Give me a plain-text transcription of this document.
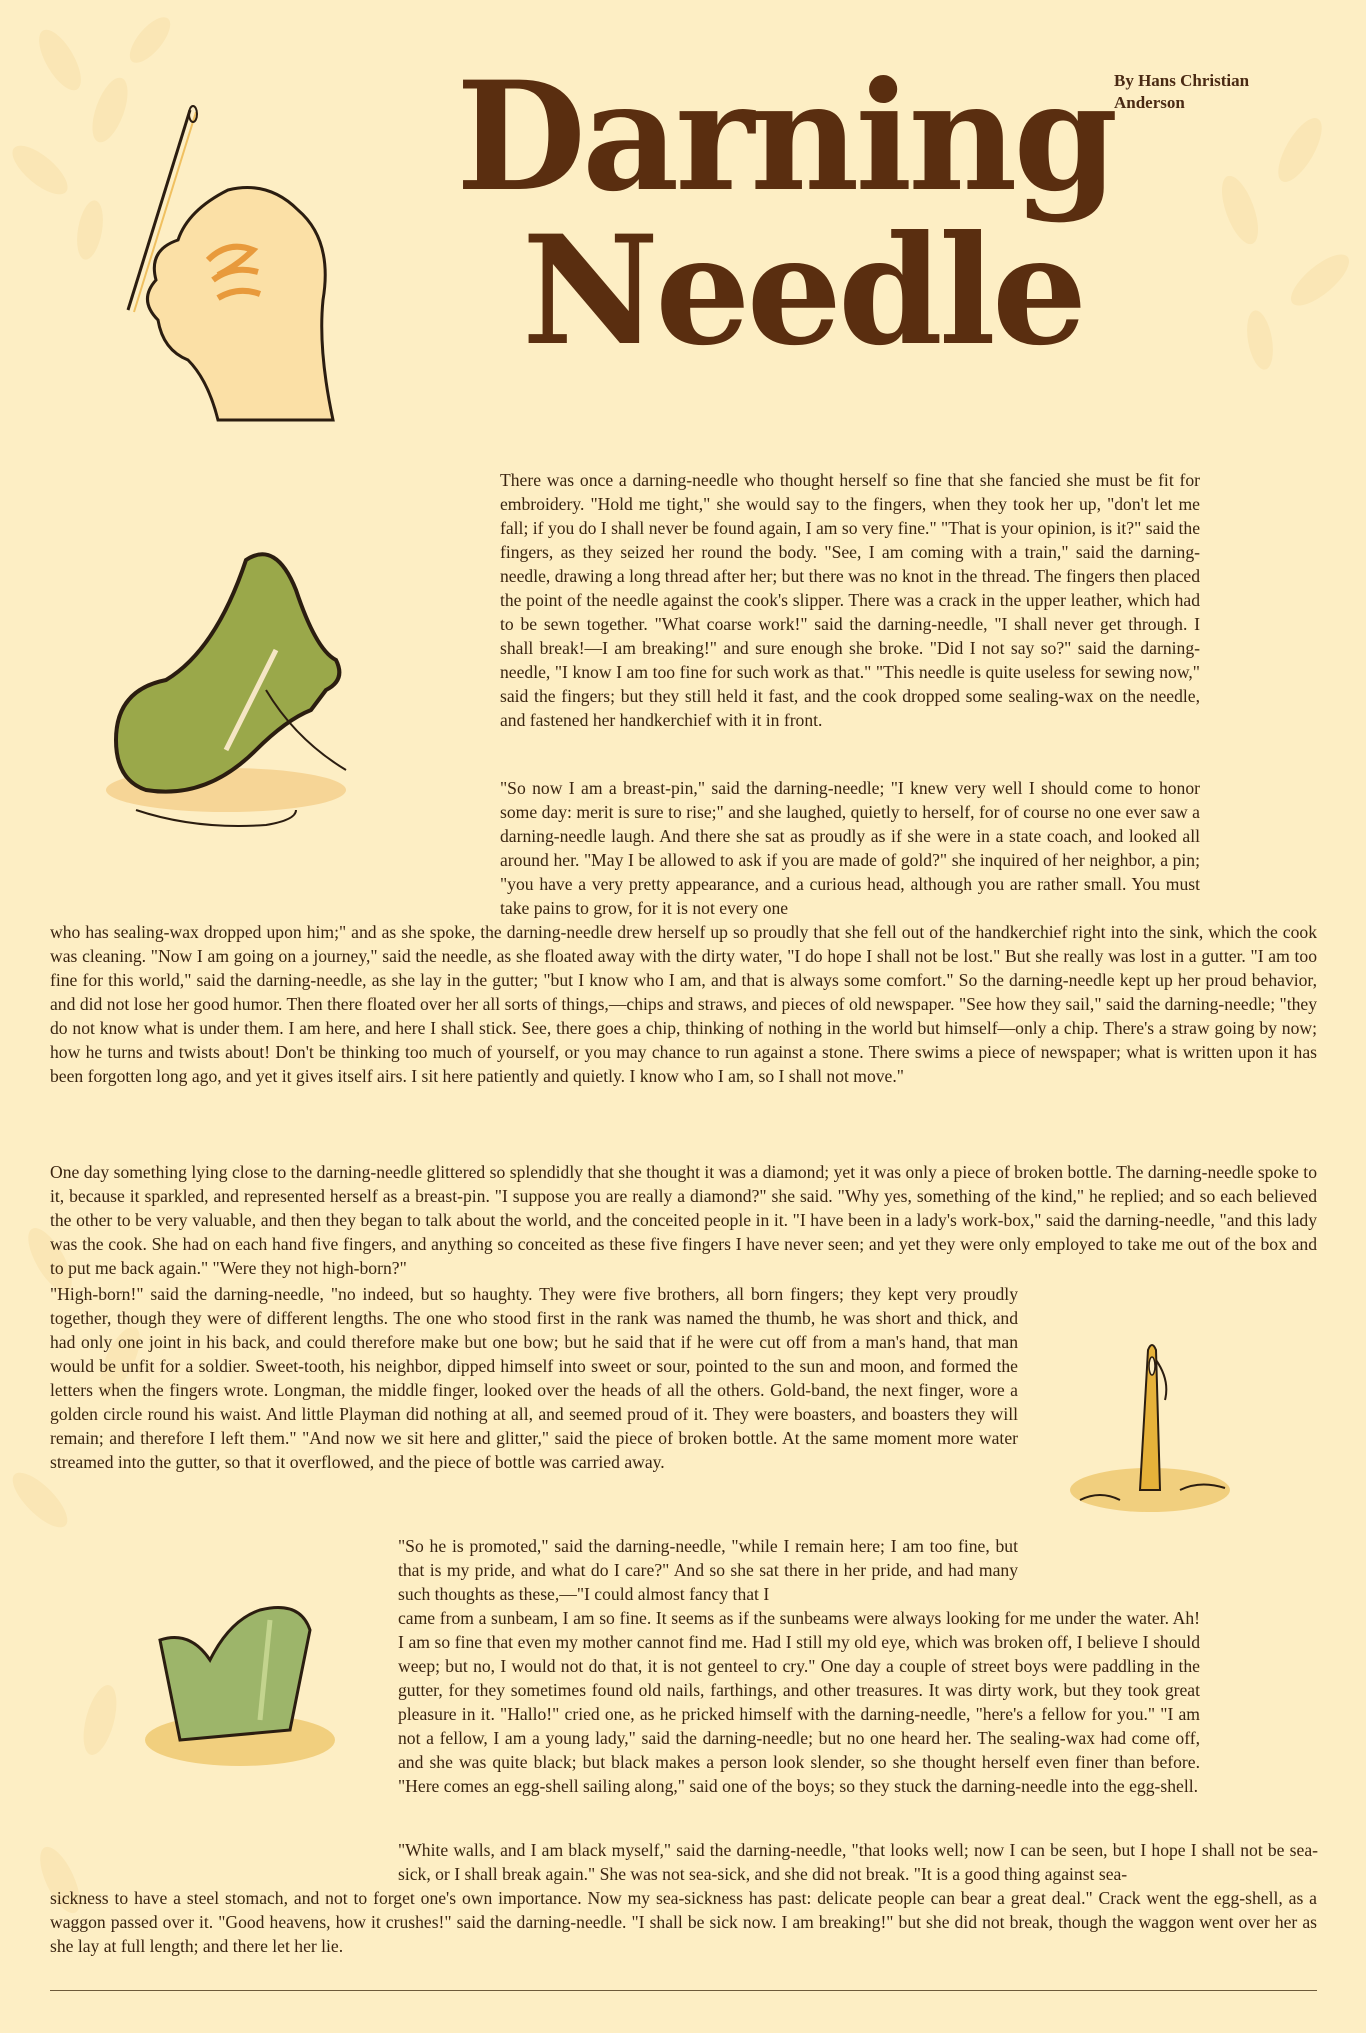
Darning
Needle
By Hans Christian Anderson
There was once a darning-needle who thought herself so fine that she fancied she must be fit for embroidery. "Hold me tight," she would say to the fingers, when they took her up, "don't let me fall; if you do I shall never be found again, I am so very fine." "That is your opinion, is it?" said the fingers, as they seized her round the body. "See, I am coming with a train," said the darning-needle, drawing a long thread after her; but there was no knot in the thread. The fingers then placed the point of the needle against the cook's slipper. There was a crack in the upper leather, which had to be sewn together. "What coarse work!" said the darning-needle, "I shall never get through. I shall break!—I am breaking!" and sure enough she broke. "Did I not say so?" said the darning-needle, "I know I am too fine for such work as that." "This needle is quite useless for sewing now," said the fingers; but they still held it fast, and the cook dropped some sealing-wax on the needle, and fastened her handkerchief with it in front.
"So now I am a breast-pin," said the darning-needle; "I knew very well I should come to honor some day: merit is sure to rise;" and she laughed, quietly to herself, for of course no one ever saw a darning-needle laugh. And there she sat as proudly as if she were in a state coach, and looked all around her. "May I be allowed to ask if you are made of gold?" she inquired of her neighbor, a pin; "you have a very pretty appearance, and a curious head, although you are rather small. You must take pains to grow, for it is not every one
who has sealing-wax dropped upon him;" and as she spoke, the darning-needle drew herself up so proudly that she fell out of the handkerchief right into the sink, which the cook was cleaning. "Now I am going on a journey," said the needle, as she floated away with the dirty water, "I do hope I shall not be lost." But she really was lost in a gutter. "I am too fine for this world," said the darning-needle, as she lay in the gutter; "but I know who I am, and that is always some comfort." So the darning-needle kept up her proud behavior, and did not lose her good humor. Then there floated over her all sorts of things,—chips and straws, and pieces of old newspaper. "See how they sail," said the darning-needle; "they do not know what is under them. I am here, and here I shall stick. See, there goes a chip, thinking of nothing in the world but himself—only a chip. There's a straw going by now; how he turns and twists about! Don't be thinking too much of yourself, or you may chance to run against a stone. There swims a piece of newspaper; what is written upon it has been forgotten long ago, and yet it gives itself airs. I sit here patiently and quietly. I know who I am, so I shall not move."
One day something lying close to the darning-needle glittered so splendidly that she thought it was a diamond; yet it was only a piece of broken bottle. The darning-needle spoke to it, because it sparkled, and represented herself as a breast-pin. "I suppose you are really a diamond?" she said. "Why yes, something of the kind," he replied; and so each believed the other to be very valuable, and then they began to talk about the world, and the conceited people in it. "I have been in a lady's work-box," said the darning-needle, "and this lady was the cook. She had on each hand five fingers, and anything so conceited as these five fingers I have never seen; and yet they were only employed to take me out of the box and to put me back again." "Were they not high-born?"
"High-born!" said the darning-needle, "no indeed, but so haughty. They were five brothers, all born fingers; they kept very proudly together, though they were of different lengths. The one who stood first in the rank was named the thumb, he was short and thick, and had only one joint in his back, and could therefore make but one bow; but he said that if he were cut off from a man's hand, that man would be unfit for a soldier. Sweet-tooth, his neighbor, dipped himself into sweet or sour, pointed to the sun and moon, and formed the letters when the fingers wrote. Longman, the middle finger, looked over the heads of all the others. Gold-band, the next finger, wore a golden circle round his waist. And little Playman did nothing at all, and seemed proud of it. They were boasters, and boasters they will remain; and therefore I left them." "And now we sit here and glitter," said the piece of broken bottle. At the same moment more water streamed into the gutter, so that it overflowed, and the piece of bottle was carried away.
"So he is promoted," said the darning-needle, "while I remain here; I am too fine, but that is my pride, and what do I care?" And so she sat there in her pride, and had many such thoughts as these,—"I could almost fancy that I
came from a sunbeam, I am so fine. It seems as if the sunbeams were always looking for me under the water. Ah! I am so fine that even my mother cannot find me. Had I still my old eye, which was broken off, I believe I should weep; but no, I would not do that, it is not genteel to cry." One day a couple of street boys were paddling in the gutter, for they sometimes found old nails, farthings, and other treasures. It was dirty work, but they took great pleasure in it. "Hallo!" cried one, as he pricked himself with the darning-needle, "here's a fellow for you." "I am not a fellow, I am a young lady," said the darning-needle; but no one heard her. The sealing-wax had come off, and she was quite black; but black makes a person look slender, so she thought herself even finer than before. "Here comes an egg-shell sailing along," said one of the boys; so they stuck the darning-needle into the egg-shell.
"White walls, and I am black myself," said the darning-needle, "that looks well; now I can be seen, but I hope I shall not be sea-sick, or I shall break again." She was not sea-sick, and she did not break. "It is a good thing against sea-
sickness to have a steel stomach, and not to forget one's own importance. Now my sea-sickness has past: delicate people can bear a great deal." Crack went the egg-shell, as a waggon passed over it. "Good heavens, how it crushes!" said the darning-needle. "I shall be sick now. I am breaking!" but she did not break, though the waggon went over her as she lay at full length; and there let her lie.
